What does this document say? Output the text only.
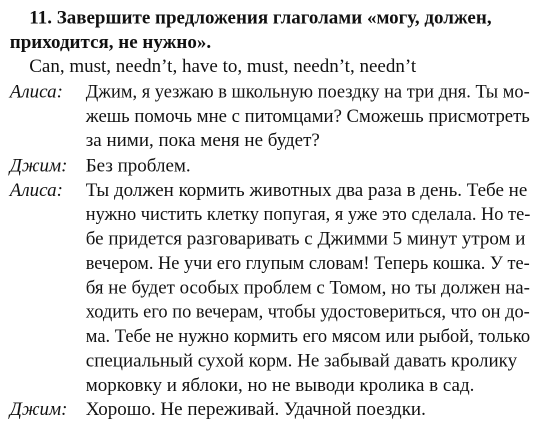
11. Завершите предложения глаголами «могу, должен,
приходится, не нужно».
Can, must, needn’t, have to, must, needn’t, needn’t
Алиса: Джим, я уезжаю в школьную поездку на три дня. Ты мо-
жешь помочь мне с питомцами? Сможешь присмотреть
за ними, пока меня не будет?
Джим: Без проблем.
Алиса: Ты должен кормить животных два раза в день. Тебе не
нужно чистить клетку попугая, я уже это сделала. Но те-
бе придется разговаривать с Джимми 5 минут утром и
вечером. Не учи его глупым словам! Теперь кошка. У те-
бя не будет особых проблем с Томом, но ты должен на-
ходить его по вечерам, чтобы удостовериться, что он до-
ма. Тебе не нужно кормить его мясом или рыбой, только
специальный сухой корм. Не забывай давать кролику
морковку и яблоки, но не выводи кролика в сад.
Джим: Хорошо. Не переживай. Удачной поездки.
